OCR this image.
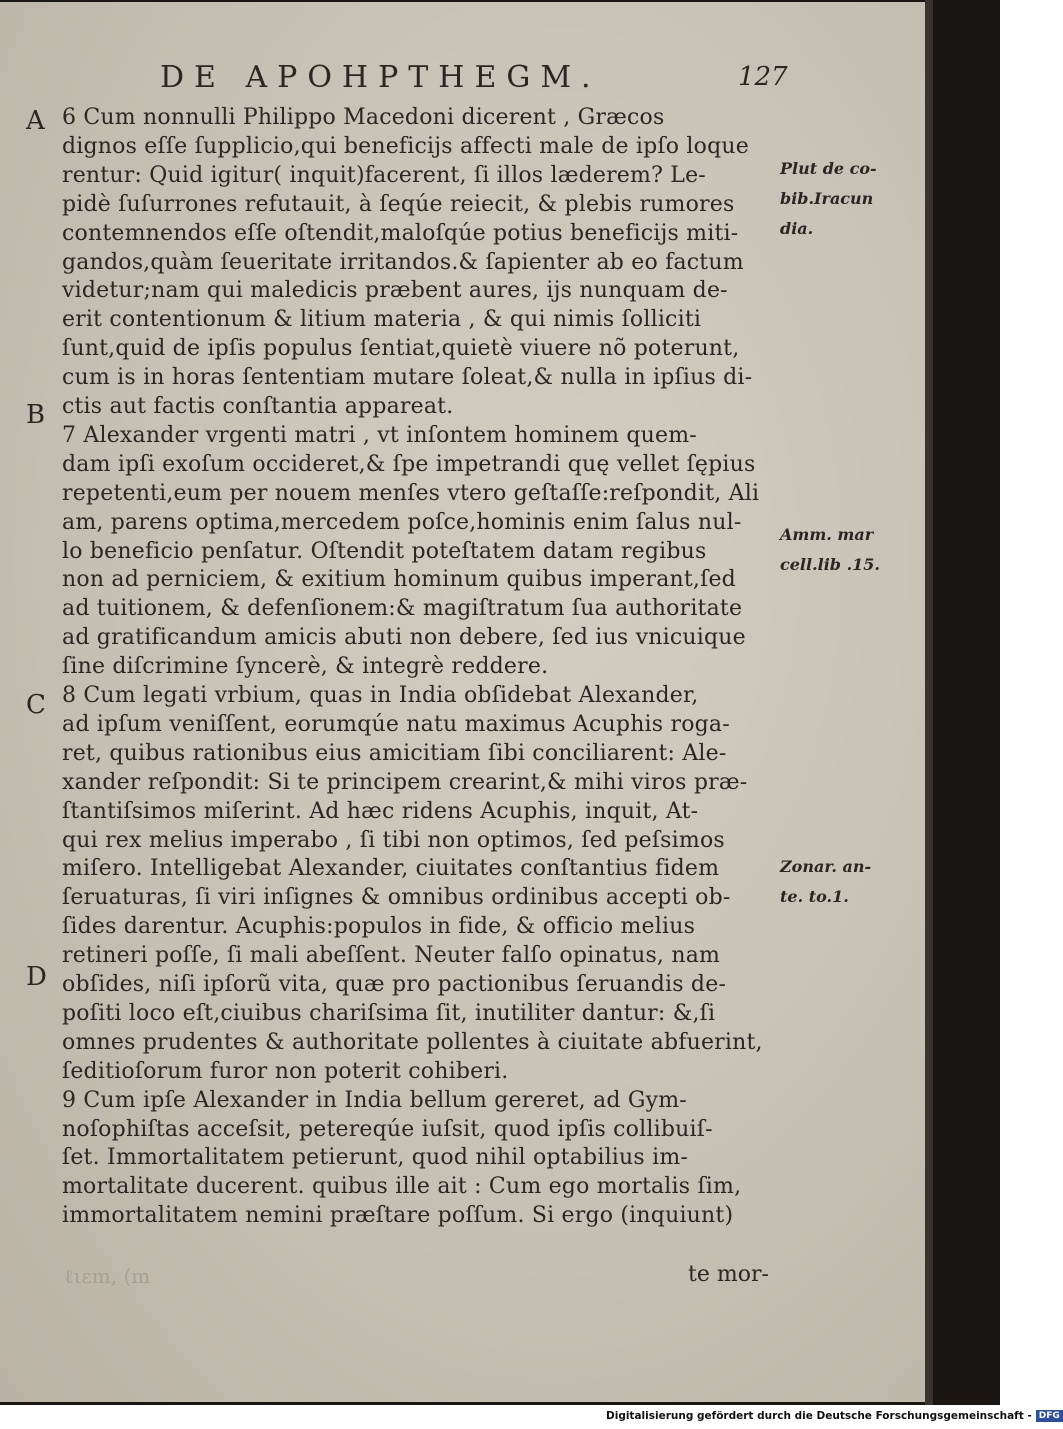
DE APOHPTHEGM.	127
A
B
C
D
Plut de co-
bib.Iracun
dia.
Amm. mar
cell.lib .15.
Zonar. an-
te. to.1.
6 Cum nonnulli Philippo Macedoni dicerent , Græcos
dignos eſſe ſupplicio,qui beneficijs affecti male de ipſo loque
rentur: Quid igitur( inquit)facerent, ſi illos læderem? Le-
pidè ſuſurrones refutauit, à ſeqúe reiecit, & plebis rumores
contemnendos eſſe oſtendit,maloſqúe potius beneficijs miti-
gandos,quàm ſeueritate irritandos.& ſapienter ab eo factum
videtur;nam qui maledicis præbent aures, ijs nunquam de-
erit contentionum & litium materia , & qui nimis ſolliciti
ſunt,quid de ipſis populus ſentiat,quietè viuere nõ poterunt,
cum is in horas ſententiam mutare ſoleat,& nulla in ipſius di-
ctis aut factis conſtantia appareat.
7 Alexander vrgenti matri , vt inſontem hominem quem-
dam ipſi exoſum occideret,& ſpe impetrandi quę vellet ſępius
repetenti,eum per nouem menſes vtero geſtaſſe:reſpondit, Ali
am, parens optima,mercedem poſce,hominis enim ſalus nul-
lo beneficio penſatur. Oſtendit poteſtatem datam regibus
non ad perniciem, & exitium hominum quibus imperant,ſed
ad tuitionem, & defenſionem:& magiſtratum ſua authoritate
ad gratificandum amicis abuti non debere, ſed ius vnicuique
ſine diſcrimine ſyncerè, & integrè reddere.
8 Cum legati vrbium, quas in India obſidebat Alexander,
ad ipſum veniſſent, eorumqúe natu maximus Acuphis roga-
ret, quibus rationibus eius amicitiam ſibi conciliarent: Ale-
xander reſpondit: Si te principem crearint,& mihi viros præ-
ſtantiſsimos miſerint. Ad hæc ridens Acuphis, inquit, At-
qui rex melius imperabo , ſi tibi non optimos, ſed peſsimos
miſero. Intelligebat Alexander, ciuitates conſtantius fidem
ſeruaturas, ſi viri inſignes & omnibus ordinibus accepti ob-
ſides darentur. Acuphis:populos in fide, & officio melius
retineri poſſe, ſi mali abeſſent. Neuter falſo opinatus, nam
obſides, niſi ipſorũ vita, quæ pro pactionibus ſeruandis de-
poſiti loco eſt,ciuibus chariſsima ſit, inutiliter dantur: &,ſi
omnes prudentes & authoritate pollentes à ciuitate abfuerint,
ſeditioſorum furor non poterit cohiberi.
9 Cum ipſe Alexander in India bellum gereret, ad Gym-
noſophiſtas acceſsit, petereqúe iuſsit, quod ipſis collibuiſ-
ſet. Immortalitatem petierunt, quod nihil optabilius im-
mortalitate ducerent. quibus ille ait : Cum ego mortalis ſim,
immortalitatem nemini præſtare poſſum. Si ergo (inquiunt)
ℓιεm, (m	te mor-
Digitalisierung gefördert durch die Deutsche Forschungsgemeinschaft - DFG
